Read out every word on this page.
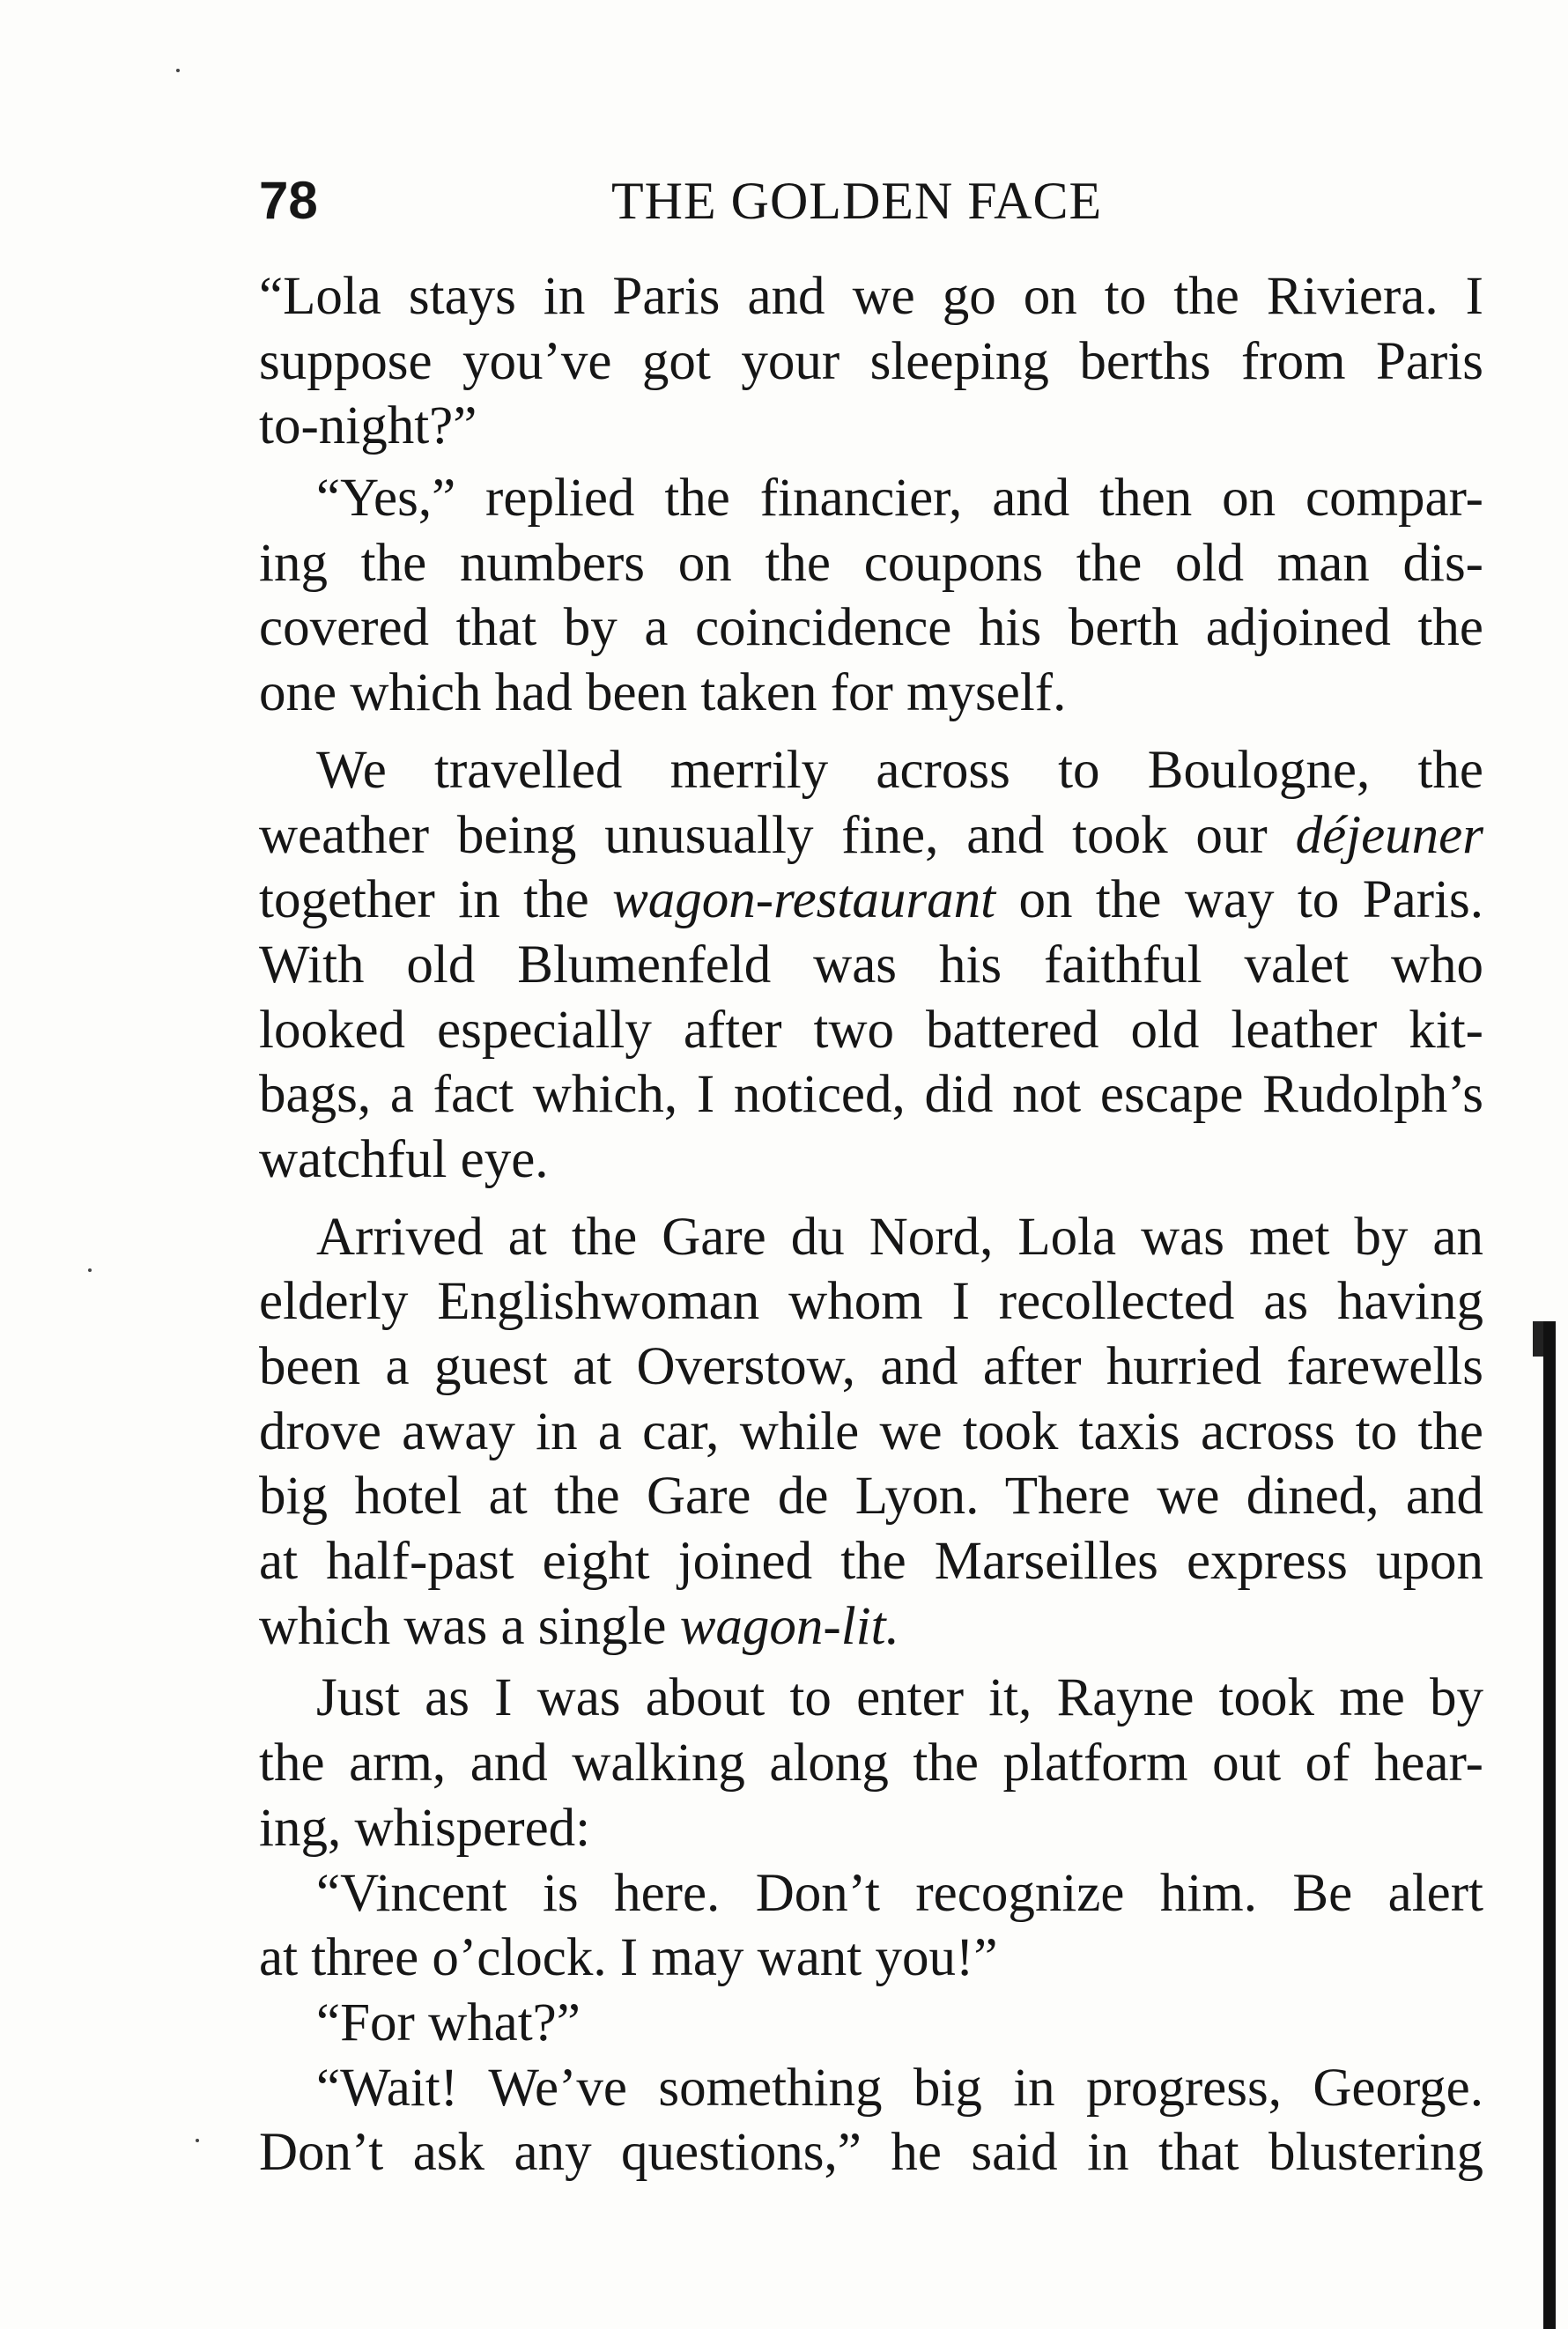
78	THE GOLDEN FACE
“Lola stays in Paris and we go on to the Riviera. I
suppose you’ve got your sleeping berths from Paris
to-night?”
“Yes,” replied the financier, and then on compar-
ing the numbers on the coupons the old man dis-
covered that by a coincidence his berth adjoined the
one which had been taken for myself.
We travelled merrily across to Boulogne, the
weather being unusually fine, and took our déjeuner
together in the wagon-restaurant on the way to Paris.
With old Blumenfeld was his faithful valet who
looked especially after two battered old leather kit-
bags, a fact which, I noticed, did not escape Rudolph’s
watchful eye.
Arrived at the Gare du Nord, Lola was met by an
elderly Englishwoman whom I recollected as having
been a guest at Overstow, and after hurried farewells
drove away in a car, while we took taxis across to the
big hotel at the Gare de Lyon. There we dined, and
at half-past eight joined the Marseilles express upon
which was a single wagon-lit.
Just as I was about to enter it, Rayne took me by
the arm, and walking along the platform out of hear-
ing, whispered:
“Vincent is here. Don’t recognize him. Be alert
at three o’clock. I may want you!”
“For what?”
“Wait! We’ve something big in progress, George.
Don’t ask any questions,” he said in that blustering
